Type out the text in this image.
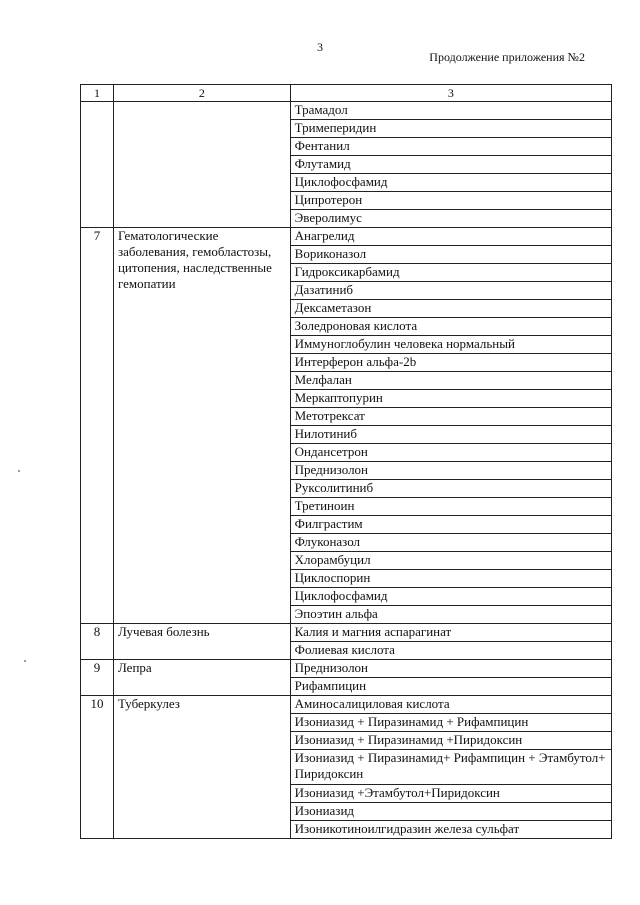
3
Продолжение приложения №2
1	2	3
		Трамадол
		Тримеперидин
		Фентанил
		Флутамид
		Циклофосфамид
		Ципротерон
		Эверолимус
7	Гематологические заболевания, гемобластозы, цитопения, наследственные гемопатии	Анагрелид
		Вориконазол
		Гидроксикарбамид
		Дазатиниб
		Дексаметазон
		Золедроновая кислота
		Иммуноглобулин человека нормальный
		Интерферон альфа-2b
		Мелфалан
		Меркаптопурин
		Метотрексат
		Нилотиниб
		Ондансетрон
		Преднизолон
		Руксолитиниб
		Третиноин
		Филграстим
		Флуконазол
		Хлорамбуцил
		Циклоспорин
		Циклофосфамид
		Эпоэтин альфа
8	Лучевая болезнь	Калия и магния аспарагинат
		Фолиевая кислота
9	Лепра	Преднизолон
		Рифампицин
10	Туберкулез	Аминосалициловая кислота
		Изониазид + Пиразинамид + Рифампицин
		Изониазид + Пиразинамид +Пиридоксин
		Изониазид + Пиразинамид+ Рифампицин + Этамбутол+ Пиридоксин
		Изониазид +Этамбутол+Пиридоксин
		Изониазид
		Изоникотиноилгидразин железа сульфат
